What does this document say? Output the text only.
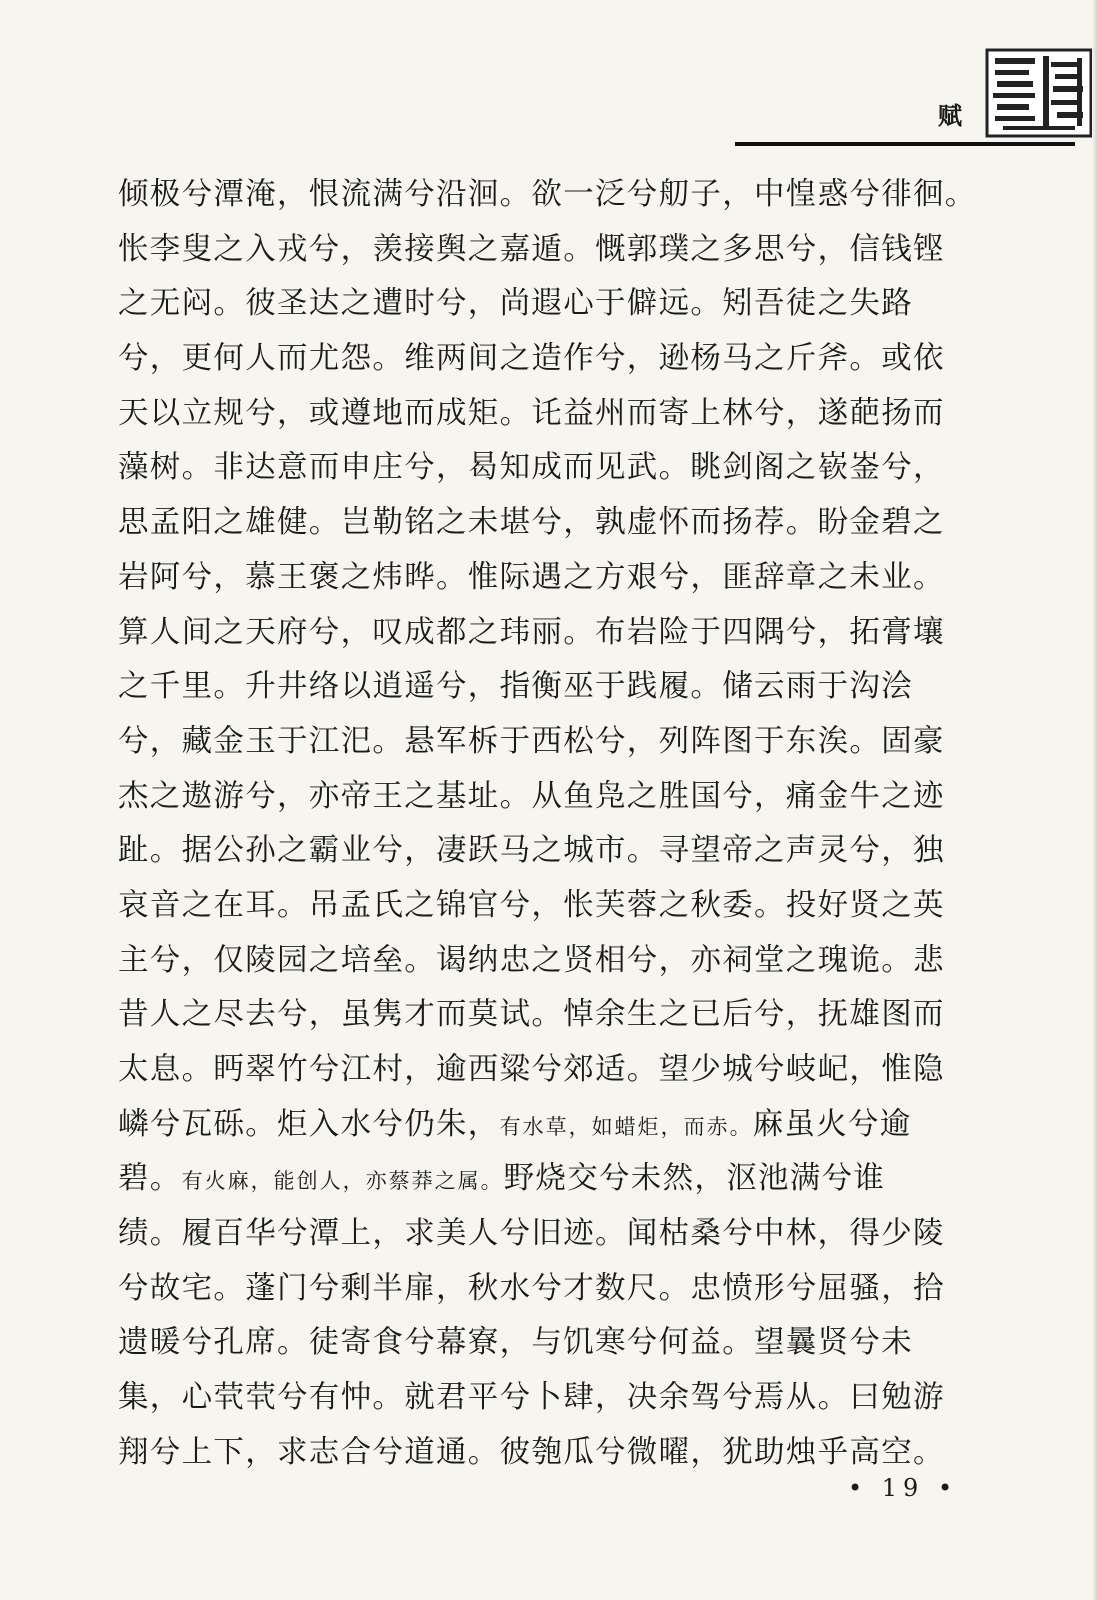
赋
倾极兮潭淹，恨流满兮沿洄。欲一泛兮舠子，中惶惑兮徘徊。
怅李叟之入戎兮，羡接舆之嘉遁。慨郭璞之多思兮，信钱铿
之无闷。彼圣达之遭时兮，尚遐心于僻远。矧吾徒之失路
兮，更何人而尤怨。维两间之造作兮，逊杨马之斤斧。或依
天以立规兮，或遵地而成矩。讬益州而寄上林兮，遂葩扬而
藻树。非达意而申庄兮，曷知成而见武。眺剑阁之嵚崟兮，
思孟阳之雄健。岂勒铭之未堪兮，孰虚怀而扬荐。盼金碧之
岩阿兮，慕王褒之炜晔。惟际遇之方艰兮，匪辞章之未业。
算人间之天府兮，叹成都之玮丽。布岩险于四隅兮，拓膏壤
之千里。升井络以逍遥兮，指衡巫于践履。储云雨于沟浍
兮，藏金玉于江汜。悬军柝于西松兮，列阵图于东涘。固豪
杰之遨游兮，亦帝王之基址。从鱼凫之胜国兮，痛金牛之迹
趾。据公孙之霸业兮，凄跃马之城市。寻望帝之声灵兮，独
哀音之在耳。吊孟氏之锦官兮，怅芙蓉之秋委。投好贤之英
主兮，仅陵园之培垒。谒纳忠之贤相兮，亦祠堂之瑰诡。悲
昔人之尽去兮，虽隽才而莫试。悼余生之已后兮，抚雄图而
太息。眄翠竹兮江村，逾西粱兮郊适。望少城兮岐屺，惟隐
嶙兮瓦砾。炬入水兮仍朱，有水草，如蜡炬，而赤。麻虽火兮逾
碧。有火麻，能创人，亦蔡莽之属。野烧交兮未然，沤池满兮谁
绩。履百华兮潭上，求美人兮旧迹。闻枯桑兮中林，得少陵
兮故宅。蓬门兮剩半扉，秋水兮才数尺。忠愤形兮屈骚，拾
遗暖兮孔席。徒寄食兮幕寮，与饥寒兮何益。望曩贤兮未
集，心茕茕兮有忡。就君平兮卜肆，决余驾兮焉从。曰勉游
翔兮上下，求志合兮道通。彼匏瓜兮微曜，犹助烛乎高空。
• 19 •
